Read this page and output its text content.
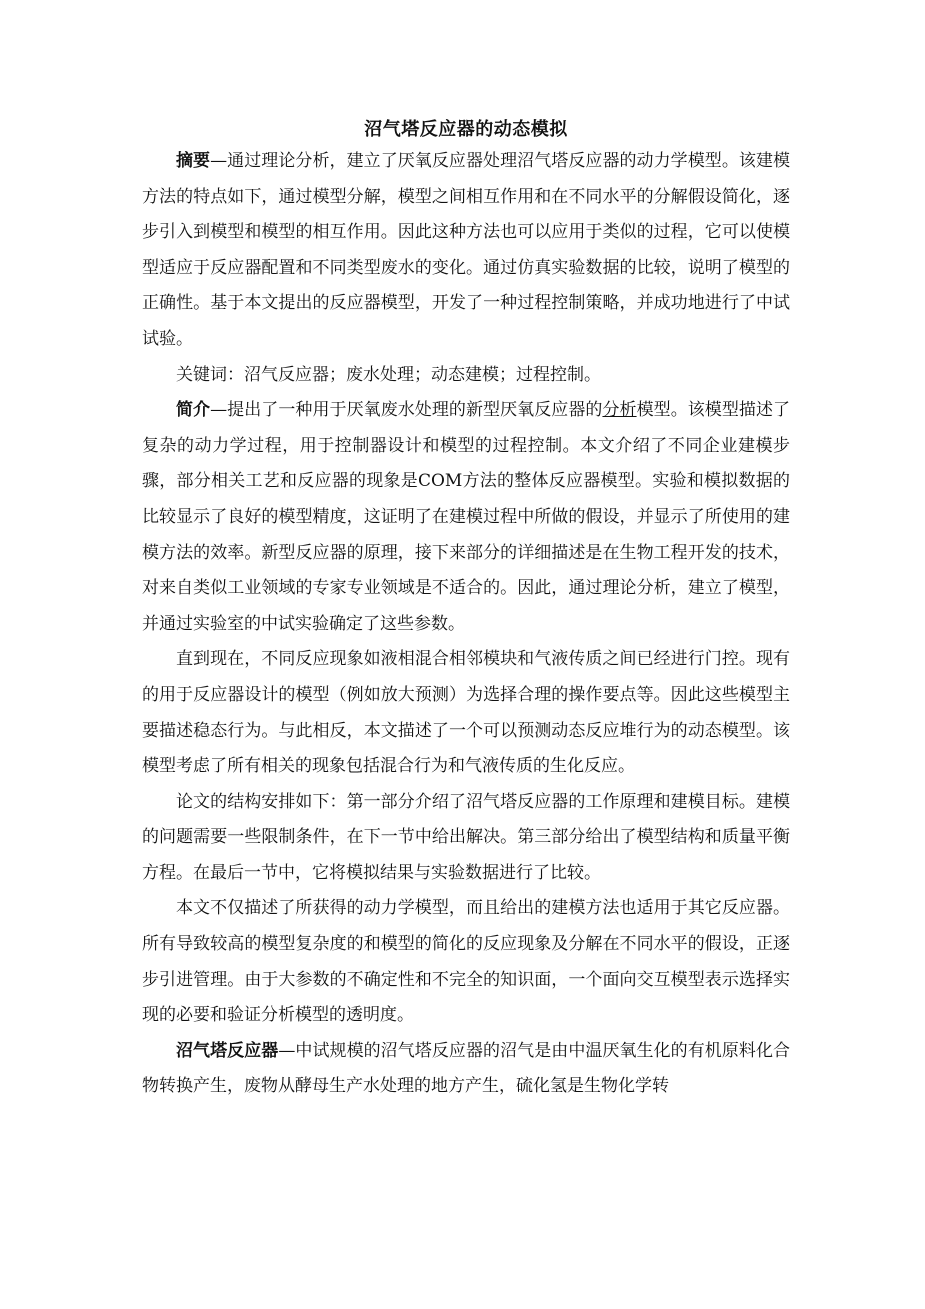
沼气塔反应器的动态模拟

摘要—通过理论分析，建立了厌氧反应器处理沼气塔反应器的动力学模型。该建模方法的特点如下，通过模型分解，模型之间相互作用和在不同水平的分解假设简化，逐步引入到模型和模型的相互作用。因此这种方法也可以应用于类似的过程，它可以使模型适应于反应器配置和不同类型废水的变化。通过仿真实验数据的比较，说明了模型的正确性。基于本文提出的反应器模型，开发了一种过程控制策略，并成功地进行了中试试验。

关键词：沼气反应器；废水处理；动态建模；过程控制。

简介—提出了一种用于厌氧废水处理的新型厌氧反应器的分析模型。该模型描述了复杂的动力学过程，用于控制器设计和模型的过程控制。本文介绍了不同企业建模步骤，部分相关工艺和反应器的现象是COM方法的整体反应器模型。实验和模拟数据的比较显示了良好的模型精度，这证明了在建模过程中所做的假设，并显示了所使用的建模方法的效率。新型反应器的原理，接下来部分的详细描述是在生物工程开发的技术，对来自类似工业领域的专家专业领域是不适合的。因此，通过理论分析，建立了模型，并通过实验室的中试实验确定了这些参数。

直到现在，不同反应现象如液相混合相邻模块和气液传质之间已经进行门控。现有的用于反应器设计的模型（例如放大预测）为选择合理的操作要点等。因此这些模型主要描述稳态行为。与此相反，本文描述了一个可以预测动态反应堆行为的动态模型。该模型考虑了所有相关的现象包括混合行为和气液传质的生化反应。

论文的结构安排如下：第一部分介绍了沼气塔反应器的工作原理和建模目标。建模的问题需要一些限制条件，在下一节中给出解决。第三部分给出了模型结构和质量平衡方程。在最后一节中，它将模拟结果与实验数据进行了比较。

本文不仅描述了所获得的动力学模型，而且给出的建模方法也适用于其它反应器。所有导致较高的模型复杂度的和模型的简化的反应现象及分解在不同水平的假设，正逐步引进管理。由于大参数的不确定性和不完全的知识面，一个面向交互模型表示选择实现的必要和验证分析模型的透明度。

沼气塔反应器—中试规模的沼气塔反应器的沼气是由中温厌氧生化的有机原料化合物转换产生，废物从酵母生产水处理的地方产生，硫化氢是生物化学转
